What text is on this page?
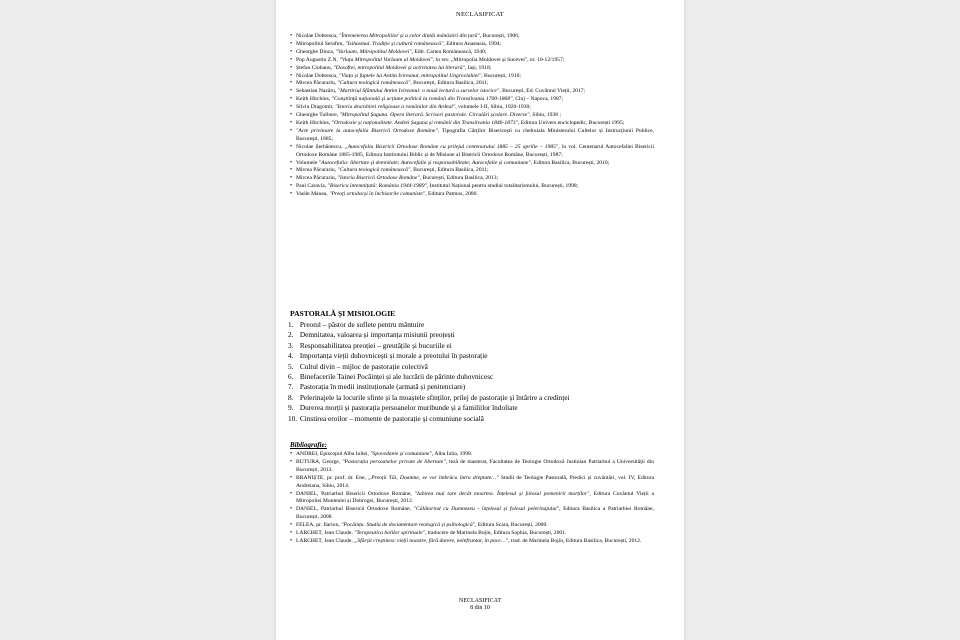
NECLASIFICAT
• Nicolae Dobrescu, "Întemeierea Mitropoliilor și a celor dintâi mănăstiri din țară", București, 1906;
• Mitropolitul Serafim, "Isihasmul. Tradiție și cultură românească", Editura Anastasia, 1994;
• Gheorghe Dinca, "Varlaam, Mitropolitul Moldovei", Edit. Cartea Românească, 1940;
• Pop Augustin Z.N, "Viața Mitropolitul Varlaam al Moldovei", în rev. „Mitropolia Moldovei și Sucevei", nr. 10-12/1957;
• Ștefan Ciobanu, "Dosoftei, mitropolitul Moldovei și activitatea lui literară", Iași, 1918;
• Nicolae Dobrescu, "Viața și faptele lui Antim Ivireanul, mitropolitul Ungrovlahiei", București, 1910;
• Mircea Păcurariu, "Cultura teologică românească", București, Editura Basilica, 2011;
• Sebastian Nazâru, "Martiriul Sfântului Antim Ivireanul: o nouă lectură a surselor istorice", București, Ed. Cuvântul Vieții, 2017;
• Keith Hitchins, "Conștiință națională și acțiune politică la românii din Transilvania 1700-1868", Cluj – Napoca, 1987;
• Silviu Dragomir, "Istoria desrobirei religioase a românilor din Ardeal", volumele I-II, Sibiu, 1920-1930;
• Gheorghe Tulbure, "Mitropolitul Șaguna. Opera literară. Scrisori pastorale. Circulări școlare. Diverse", Sibiu, 1938 ;
• Keith Hitchins, "Ortodoxie și naționalitate. Andrei Șaguna și românii din Transilvania 1846-1873", Editura Univers enciclopedic, București 1995;
• "Acte privitoare la autocefalia Bisericii Ortodoxe Române", Tipografia Cărților Bisericești cu cheltuiala Ministerului Cultelor și Instrucțiunii Publice, București, 1885;
• Nicolae Șerbănescu, „Autocefalia Bisericii Ortodoxe Române cu prilejul centenarului 1885 – 25 aprilie – 1985", în vol. Centenarul Autocefaliei Bisericii Ortodoxe Române 1885-1985, Editura Institutului Biblic și de Misiune al Bisericii Ortodoxe Române, București, 1987;
• Volumele "Autocefalia: libertate și demnitate; Autocefalie și responsabilitate; Autocefalie și comuniune", Editura Basilica, București, 2010;
• Mircea Păcurariu, "Cultura teologică românească", București, Editura Basilica, 2011;
• Mircea Păcurariu, "Istoria Bisericii Ortodoxe Române", București, Editura Basilica, 2013;
• Paul Caravia, "Biserica întemnițată: România 1944-1989", Institutul Național pentru studiul totalitarismului, București, 1998;
• Vasile Manea, "Preoți ortodocși în închisorile comuniste", Editura Patmos, 2000.
PASTORALĂ ȘI MISIOLOGIE
1. Preotul – păstor de suflete pentru mântuire
2. Demnitatea, valoarea și importanța misiunii preoțești
3. Responsabilitatea preoției – greutățile și bucuriile ei
4. Importanța vieții duhovnicești și morale a preotului în pastorație
5. Cultul divin – mijloc de pastorație colectivă
6. Binefacerile Tainei Pocăinței și ale lucrării de părinte duhovnicesc
7. Pastorația în medii instituționale (armată și penitenciare)
8. Pelerinajele la locurile sfinte și la moaștele sfinților, prilej de pastorație și întărire a credinței
9. Durerea morții și pastorația persoanelor muribunde și a familiilor îndoliate
10. Cinstirea eroilor – momente de pastorație și comuniune socială
Bibliografie:
• ANDREI, Episcopul Alba Iuliei, "Spovedanie și comuniune", Alba Iulia, 1998.
• BUTURA, George, "Pastorația persoanelor private de libertate", teză de masterat, Facultatea de Teologie Ortodoxă Justinian Patriarhul a Universității din București, 2013.
• BRANIȘTE, pr. prof. dr. Ene, „Preoții Tăi, Doamne, se vor îmbrăca întru dreptate…" Studii de Teologie Pastorală, Predici și cuvântări, vol. IV, Editura Andreiana, Sibiu, 2014.
• DANIEL, Patriarhul Bisericii Ortodoxe Române, "Iubirea mai tare decât moartea. Înțelesul și folosul pomenirii morților", Editura Cuvântul Vieții a Mitropoliei Munteniei și Dobrogei, București, 2012.
• DANIEL, Patriarhul Bisericii Ortodoxe Române, "Călătorind cu Dumnezeu - înțelesul și folosul pelerinajului", Editura Basilica a Patriarhiei Române, București, 2008.
• FELEA, pr. Ilarion, "Pocăința. Studiu de documentare teologică și psihologică", Editura Scara, București, 2000.
• LARCHET, Jean Claude, "Terapeutica bolilor spirituale", traducere de Marinela Bojin, Editura Sophia, București, 2001.
• LARCHET, Jean Claude, „Sfârșit creștinesc vieții noastre, fără durere, neînfruntat, în pace…", trad. de Marinela Bojin, Editura Basilica, București, 2012.
NECLASIFICAT
8 din 10
